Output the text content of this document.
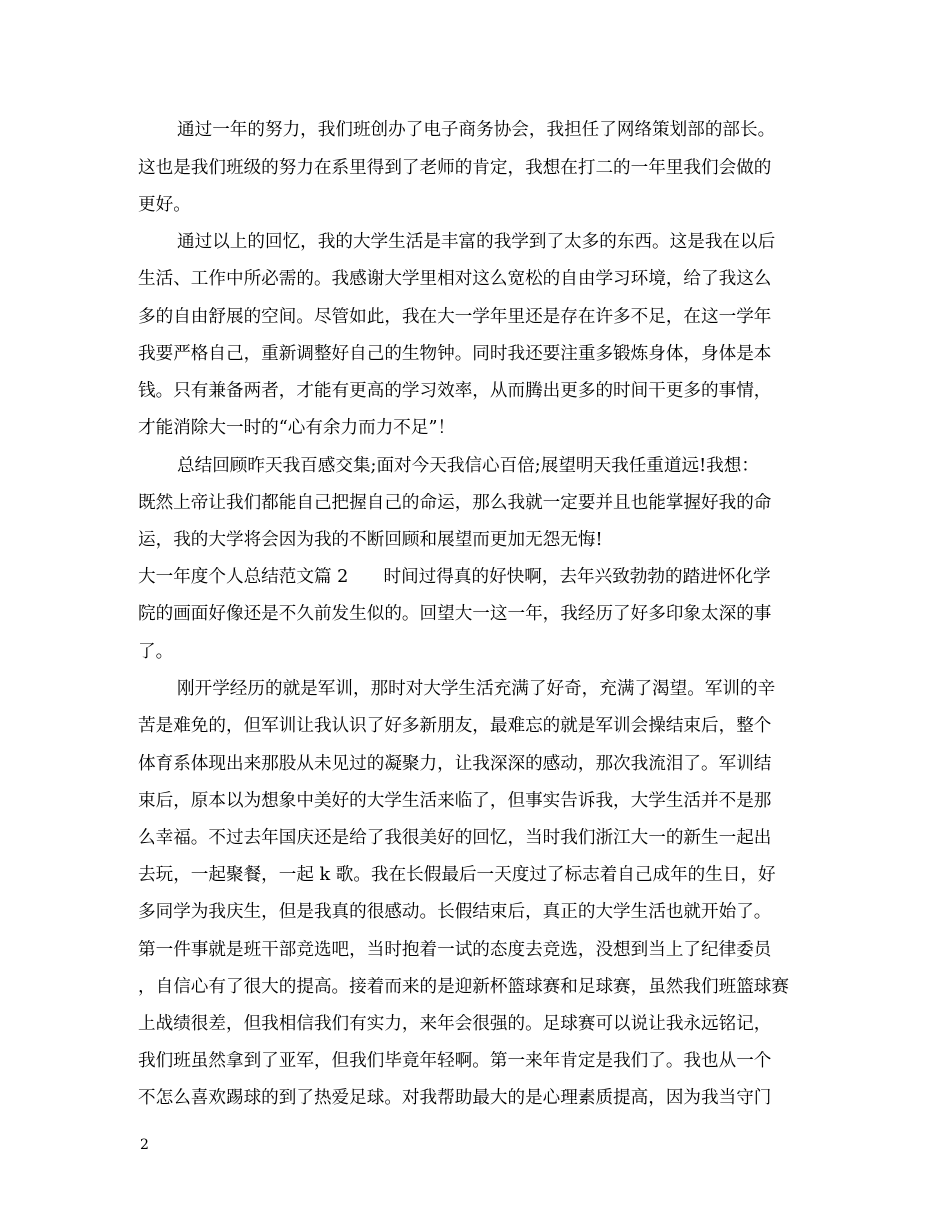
通过一年的努力，我们班创办了电子商务协会，我担任了网络策划部的部长。
这也是我们班级的努力在系里得到了老师的肯定，我想在打二的一年里我们会做的
更好。
通过以上的回忆，我的大学生活是丰富的我学到了太多的东西。这是我在以后
生活、工作中所必需的。我感谢大学里相对这么宽松的自由学习环境，给了我这么
多的自由舒展的空间。尽管如此，我在大一学年里还是存在许多不足，在这一学年
我要严格自己，重新调整好自己的生物钟。同时我还要注重多锻炼身体，身体是本
钱。只有兼备两者，才能有更高的学习效率，从而腾出更多的时间干更多的事情，
才能消除大一时的“心有余力而力不足”！
总结回顾昨天我百感交集;面对今天我信心百倍;展望明天我任重道远!我想：
既然上帝让我们都能自己把握自己的命运，那么我就一定要并且也能掌握好我的命
运，我的大学将会因为我的不断回顾和展望而更加无怨无悔!
大一年度个人总结范文篇 2　　时间过得真的好快啊，去年兴致勃勃的踏进怀化学
院的画面好像还是不久前发生似的。回望大一这一年，我经历了好多印象太深的事
了。
刚开学经历的就是军训，那时对大学生活充满了好奇，充满了渴望。军训的辛
苦是难免的，但军训让我认识了好多新朋友，最难忘的就是军训会操结束后，整个
体育系体现出来那股从未见过的凝聚力，让我深深的感动，那次我流泪了。军训结
束后，原本以为想象中美好的大学生活来临了，但事实告诉我，大学生活并不是那
么幸福。不过去年国庆还是给了我很美好的回忆，当时我们浙江大一的新生一起出
去玩，一起聚餐，一起 k 歌。我在长假最后一天度过了标志着自己成年的生日，好
多同学为我庆生，但是我真的很感动。长假结束后，真正的大学生活也就开始了。
第一件事就是班干部竞选吧，当时抱着一试的态度去竞选，没想到当上了纪律委员
，自信心有了很大的提高。接着而来的是迎新杯篮球赛和足球赛，虽然我们班篮球赛
上战绩很差，但我相信我们有实力，来年会很强的。足球赛可以说让我永远铭记，
我们班虽然拿到了亚军，但我们毕竟年轻啊。第一来年肯定是我们了。我也从一个
不怎么喜欢踢球的到了热爱足球。对我帮助最大的是心理素质提高，因为我当守门
2
